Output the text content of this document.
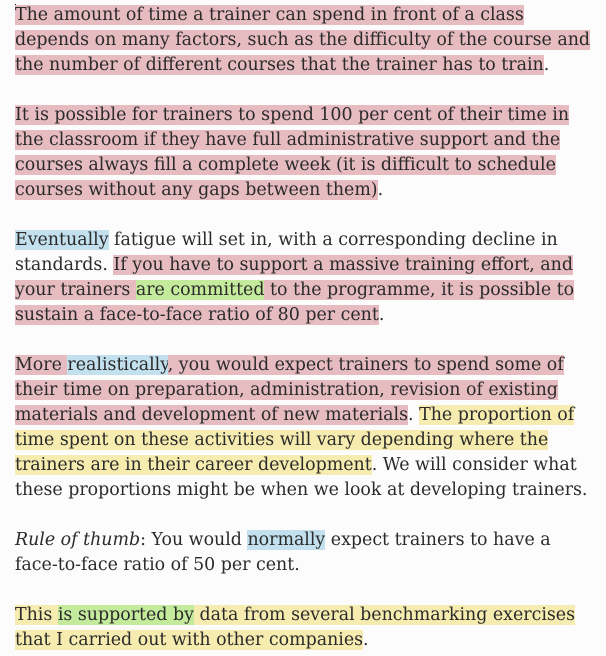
The amount of time a trainer can spend in front of a class depends on many factors, such as the difficulty of the course and the number of different courses that the trainer has to train.

It is possible for trainers to spend 100 per cent of their time in the classroom if they have full administrative support and the courses always fill a complete week (it is difficult to schedule courses without any gaps between them).

Eventually fatigue will set in, with a corresponding decline in standards. If you have to support a massive training effort, and your trainers are committed to the programme, it is possible to sustain a face-to-face ratio of 80 per cent.

More realistically, you would expect trainers to spend some of their time on preparation, administration, revision of existing materials and development of new materials. The proportion of time spent on these activities will vary depending where the trainers are in their career development. We will consider what these proportions might be when we look at developing trainers.

Rule of thumb: You would normally expect trainers to have a face-to-face ratio of 50 per cent.

This is supported by data from several benchmarking exercises that I carried out with other companies.
